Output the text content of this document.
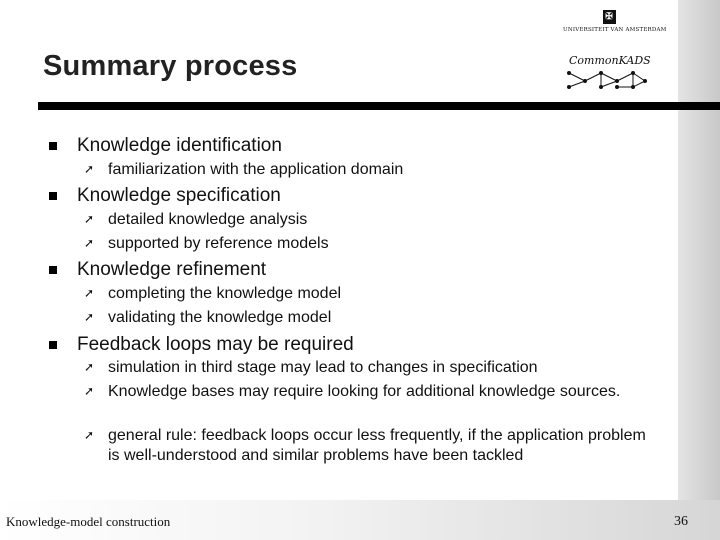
✠
UNIVERSITEIT VAN AMSTERDAM
CommonKADS
Summary process
Knowledge identification
➚ familiarization with the application domain
Knowledge specification
➚ detailed knowledge analysis
➚ supported by reference models
Knowledge refinement
➚ completing the knowledge model
➚ validating the knowledge model
Feedback loops may be required
➚ simulation in third stage may lead to changes in specification
➚ Knowledge bases may require looking for additional knowledge sources.
➚ general rule: feedback loops occur less frequently, if the application problem is well-understood and similar problems have been tackled
Knowledge-model construction	36
